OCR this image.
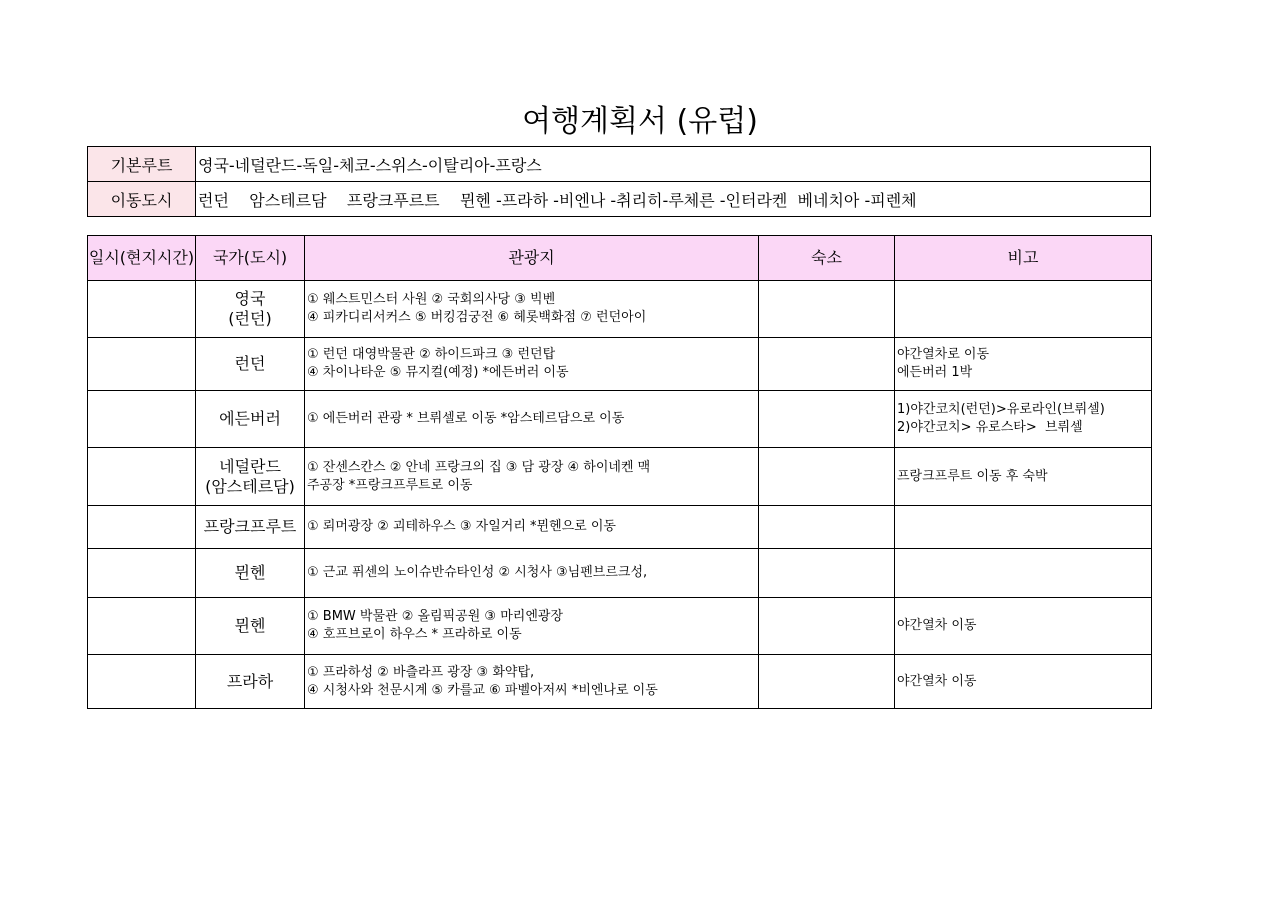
여행계획서 (유럽)
기본루트	영국-네덜란드-독일-체코-스위스-이탈리아-프랑스
이동도시	런던    암스테르담    프랑크푸르트    뮌헨 -프라하 -비엔나 -취리히-루체른 -인터라켄  베네치아 -피렌체
일시(현지시간)	국가(도시)	관광지	숙소	비고

	영국
(런던)	① 웨스트민스터 사원 ② 국회의사당 ③ 빅벤
④ 피카디리서커스 ⑤ 버킹검궁전 ⑥ 헤롯백화점 ⑦ 런던아이		

	런던	① 런던 대영박물관 ② 하이드파크 ③ 런던탑
④ 차이나타운 ⑤ 뮤지컬(예정) *에든버러 이동		야간열차로 이동
에든버러 1박

	에든버러	① 에든버러 관광 * 브뤼셀로 이동 *암스테르담으로 이동		1)야간코치(런던)>유로라인(브뤼셀)
2)야간코치> 유로스타>  브뤼셀

	네덜란드
(암스테르담)	① 잔센스칸스 ② 안네 프랑크의 집 ③ 담 광장 ④ 하이네켄 맥
주공장 *프랑크프루트로 이동		프랑크프루트 이동 후 숙박

	프랑크프루트	① 뢰머광장 ② 괴테하우스 ③ 자일거리 *뮌헨으로 이동		

	뮌헨	① 근교 퓌센의 노이슈반슈타인성 ② 시청사 ③님펜브르크성,		

	뮌헨	① BMW 박물관 ② 올림픽공원 ③ 마리엔광장
④ 호프브로이 하우스 * 프라하로 이동		야간열차 이동

	프라하	① 프라하성 ② 바츨라프 광장 ③ 화약탑,
④ 시청사와 천문시계 ⑤ 카를교 ⑥ 파벨아저씨 *비엔나로 이동		야간열차 이동
